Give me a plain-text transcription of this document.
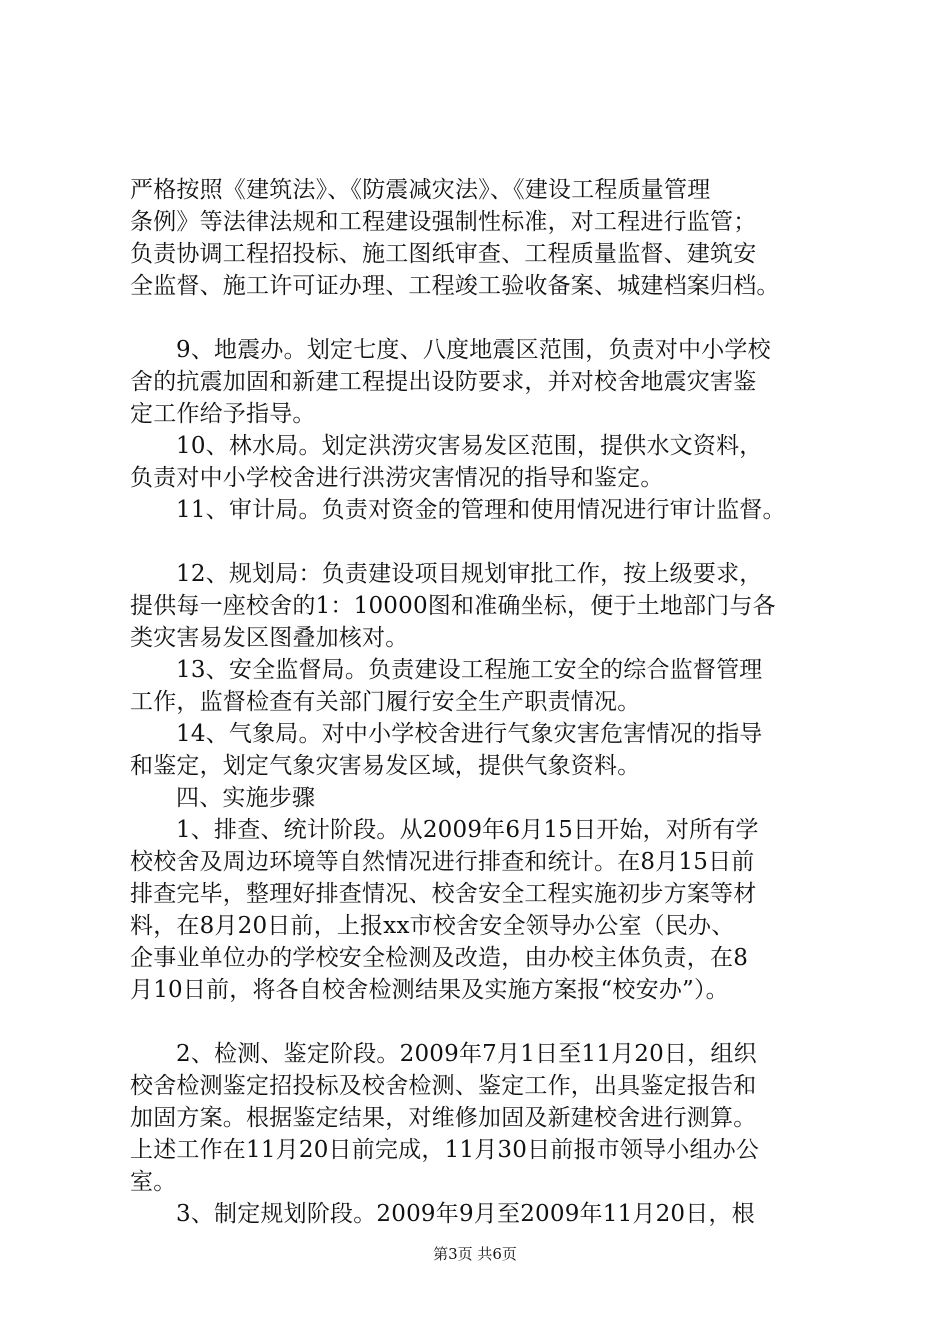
严格按照《建筑法》、《防震减灾法》、《建设工程质量管理
条例》等法律法规和工程建设强制性标准，对工程进行监管；
负责协调工程招投标、施工图纸审查、工程质量监督、建筑安
全监督、施工许可证办理、工程竣工验收备案、城建档案归档。
9、地震办。划定七度、八度地震区范围，负责对中小学校
舍的抗震加固和新建工程提出设防要求，并对校舍地震灾害鉴
定工作给予指导。
10、林水局。划定洪涝灾害易发区范围，提供水文资料，
负责对中小学校舍进行洪涝灾害情况的指导和鉴定。
11、审计局。负责对资金的管理和使用情况进行审计监督。
12、规划局：负责建设项目规划审批工作，按上级要求，
提供每一座校舍的1：10000图和准确坐标，便于土地部门与各
类灾害易发区图叠加核对。
13、安全监督局。负责建设工程施工安全的综合监督管理
工作，监督检查有关部门履行安全生产职责情况。
14、气象局。对中小学校舍进行气象灾害危害情况的指导
和鉴定，划定气象灾害易发区域，提供气象资料。
四、实施步骤
1、排查、统计阶段。从2009年6月15日开始，对所有学
校校舍及周边环境等自然情况进行排查和统计。在8月15日前
排查完毕，整理好排查情况、校舍安全工程实施初步方案等材
料，在8月20日前，上报xx市校舍安全领导办公室（民办、
企事业单位办的学校安全检测及改造，由办校主体负责，在8
月10日前，将各自校舍检测结果及实施方案报“校安办”）。
2、检测、鉴定阶段。2009年7月1日至11月20日，组织
校舍检测鉴定招投标及校舍检测、鉴定工作，出具鉴定报告和
加固方案。根据鉴定结果，对维修加固及新建校舍进行测算。
上述工作在11月20日前完成，11月30日前报市领导小组办公
室。
3、制定规划阶段。2009年9月至2009年11月20日，根
第3页 共6页
